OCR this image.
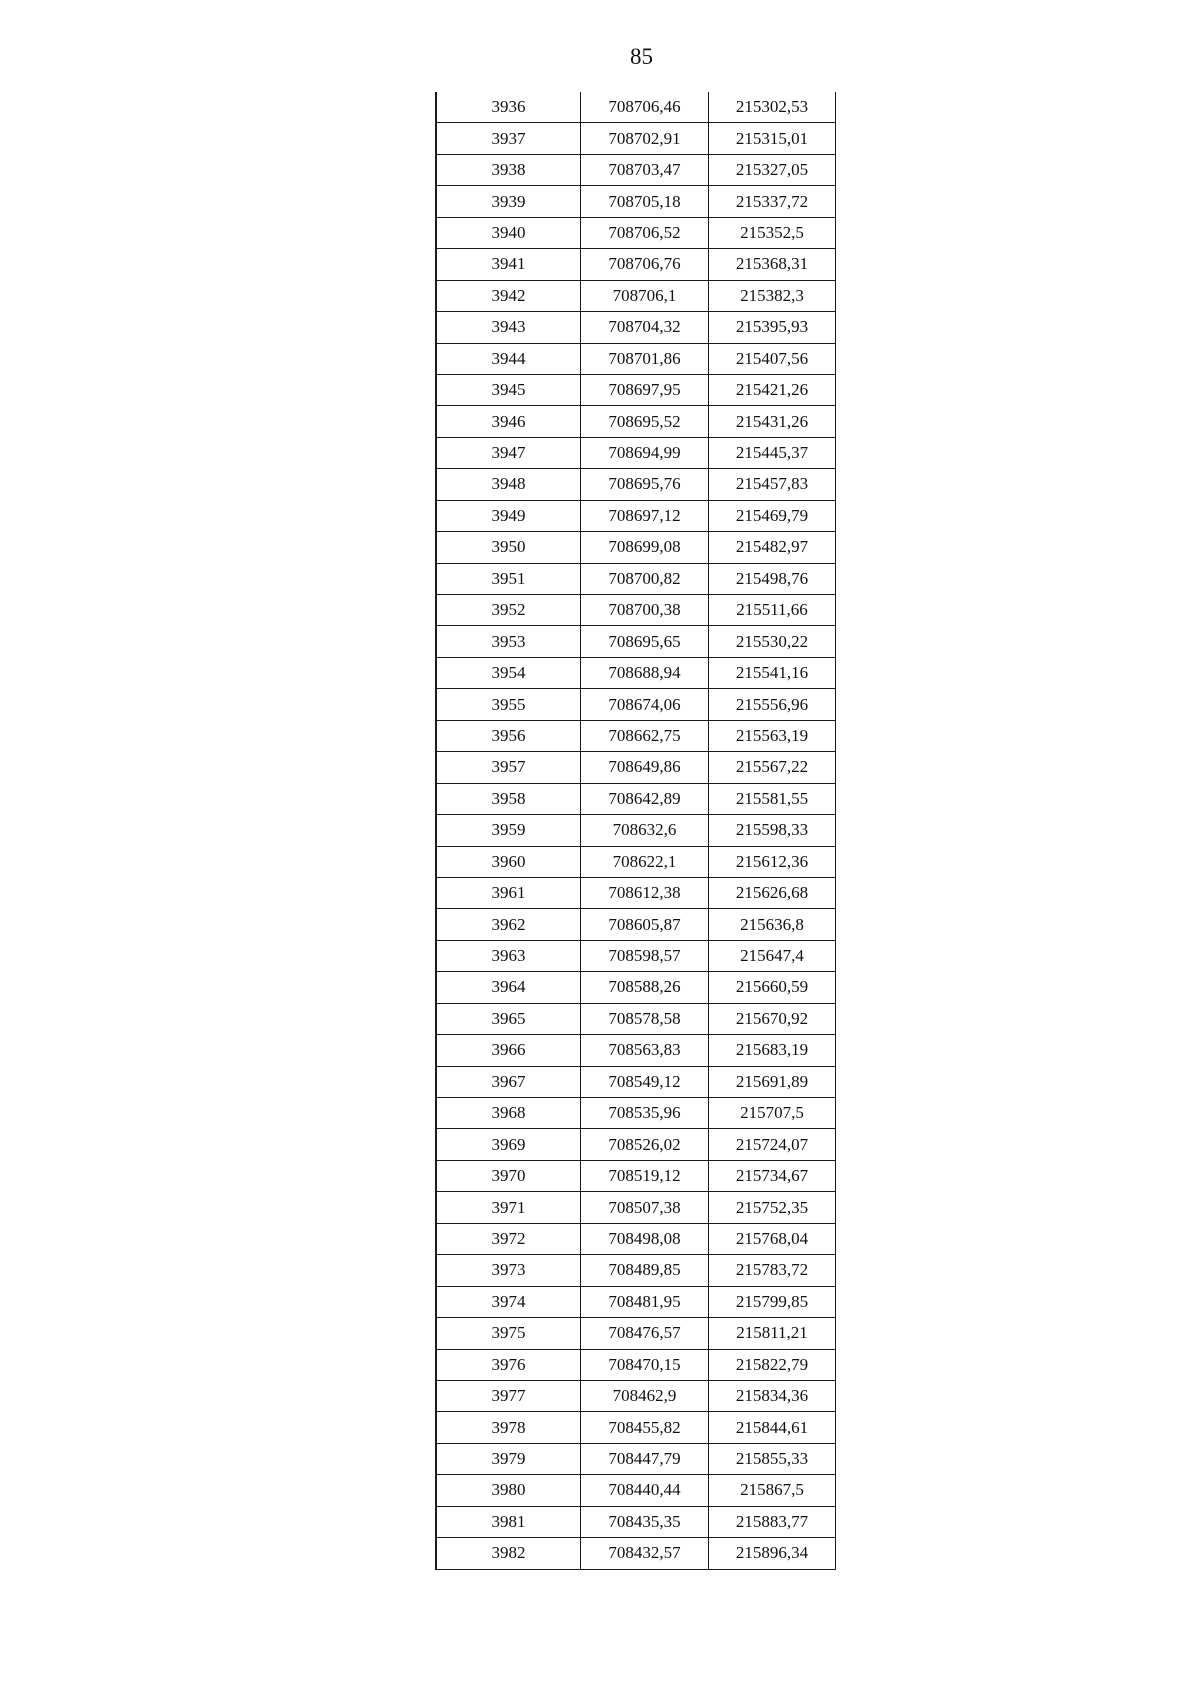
85
3936	708706,46	215302,53
3937	708702,91	215315,01
3938	708703,47	215327,05
3939	708705,18	215337,72
3940	708706,52	215352,5
3941	708706,76	215368,31
3942	708706,1	215382,3
3943	708704,32	215395,93
3944	708701,86	215407,56
3945	708697,95	215421,26
3946	708695,52	215431,26
3947	708694,99	215445,37
3948	708695,76	215457,83
3949	708697,12	215469,79
3950	708699,08	215482,97
3951	708700,82	215498,76
3952	708700,38	215511,66
3953	708695,65	215530,22
3954	708688,94	215541,16
3955	708674,06	215556,96
3956	708662,75	215563,19
3957	708649,86	215567,22
3958	708642,89	215581,55
3959	708632,6	215598,33
3960	708622,1	215612,36
3961	708612,38	215626,68
3962	708605,87	215636,8
3963	708598,57	215647,4
3964	708588,26	215660,59
3965	708578,58	215670,92
3966	708563,83	215683,19
3967	708549,12	215691,89
3968	708535,96	215707,5
3969	708526,02	215724,07
3970	708519,12	215734,67
3971	708507,38	215752,35
3972	708498,08	215768,04
3973	708489,85	215783,72
3974	708481,95	215799,85
3975	708476,57	215811,21
3976	708470,15	215822,79
3977	708462,9	215834,36
3978	708455,82	215844,61
3979	708447,79	215855,33
3980	708440,44	215867,5
3981	708435,35	215883,77
3982	708432,57	215896,34
